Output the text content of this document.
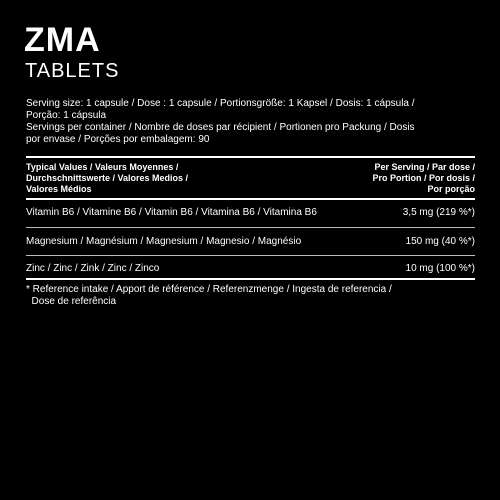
ZMA
TABLETS
Serving size: 1 capsule / Dose : 1 capsule / Portionsgröße: 1 Kapsel / Dosis: 1 cápsula /
Porção: 1 cápsula
Servings per container / Nombre de doses par récipient / Portionen pro Packung / Dosis
por envase / Porções por embalagem: 90
Typical Values / Valeurs Moyennes /
Durchschnittswerte / Valores Medios /
Valores Médios
Per Serving / Par dose /
Pro Portion / Por dosis /
Por porção
Vitamin B6 / Vitamine B6 / Vitamin B6 / Vitamina B6 / Vitamina B6	3,5 mg (219 %*)
Magnesium / Magnésium / Magnesium / Magnesio / Magnésio	150 mg (40 %*)
Zinc / Zinc / Zink / Zinc / Zinco	10 mg (100 %*)
* Reference intake / Apport de référence / Referenzmenge / Ingesta de referencia /
Dose de referência
